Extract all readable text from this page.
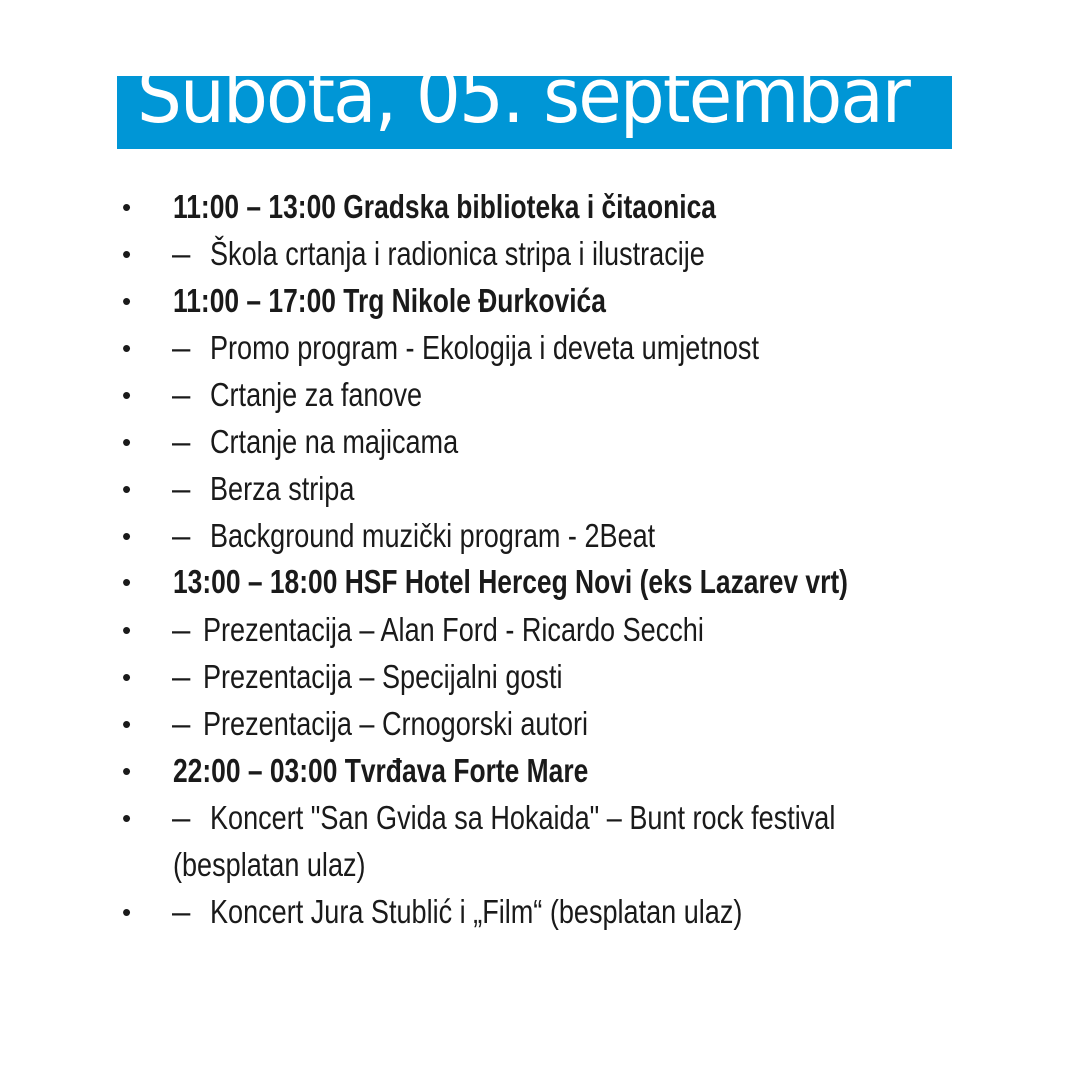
Subota, 05. septembar
• 11:00 – 13:00 Gradska biblioteka i čitaonica
• – Škola crtanja i radionica stripa i ilustracije
• 11:00 – 17:00 Trg Nikole Đurkovića
• – Promo program - Ekologija i deveta umjetnost
• – Crtanje za fanove
• – Crtanje na majicama
• – Berza stripa
• – Background muzički program - 2Beat
• 13:00 – 18:00 HSF Hotel Herceg Novi (eks Lazarev vrt)
• – Prezentacija – Alan Ford - Ricardo Secchi
• – Prezentacija – Specijalni gosti
• – Prezentacija – Crnogorski autori
• 22:00 – 03:00 Tvrđava Forte Mare
• – Koncert "San Gvida sa Hokaida" – Bunt rock festival
(besplatan ulaz)
• – Koncert Jura Stublić i „Film“ (besplatan ulaz)
